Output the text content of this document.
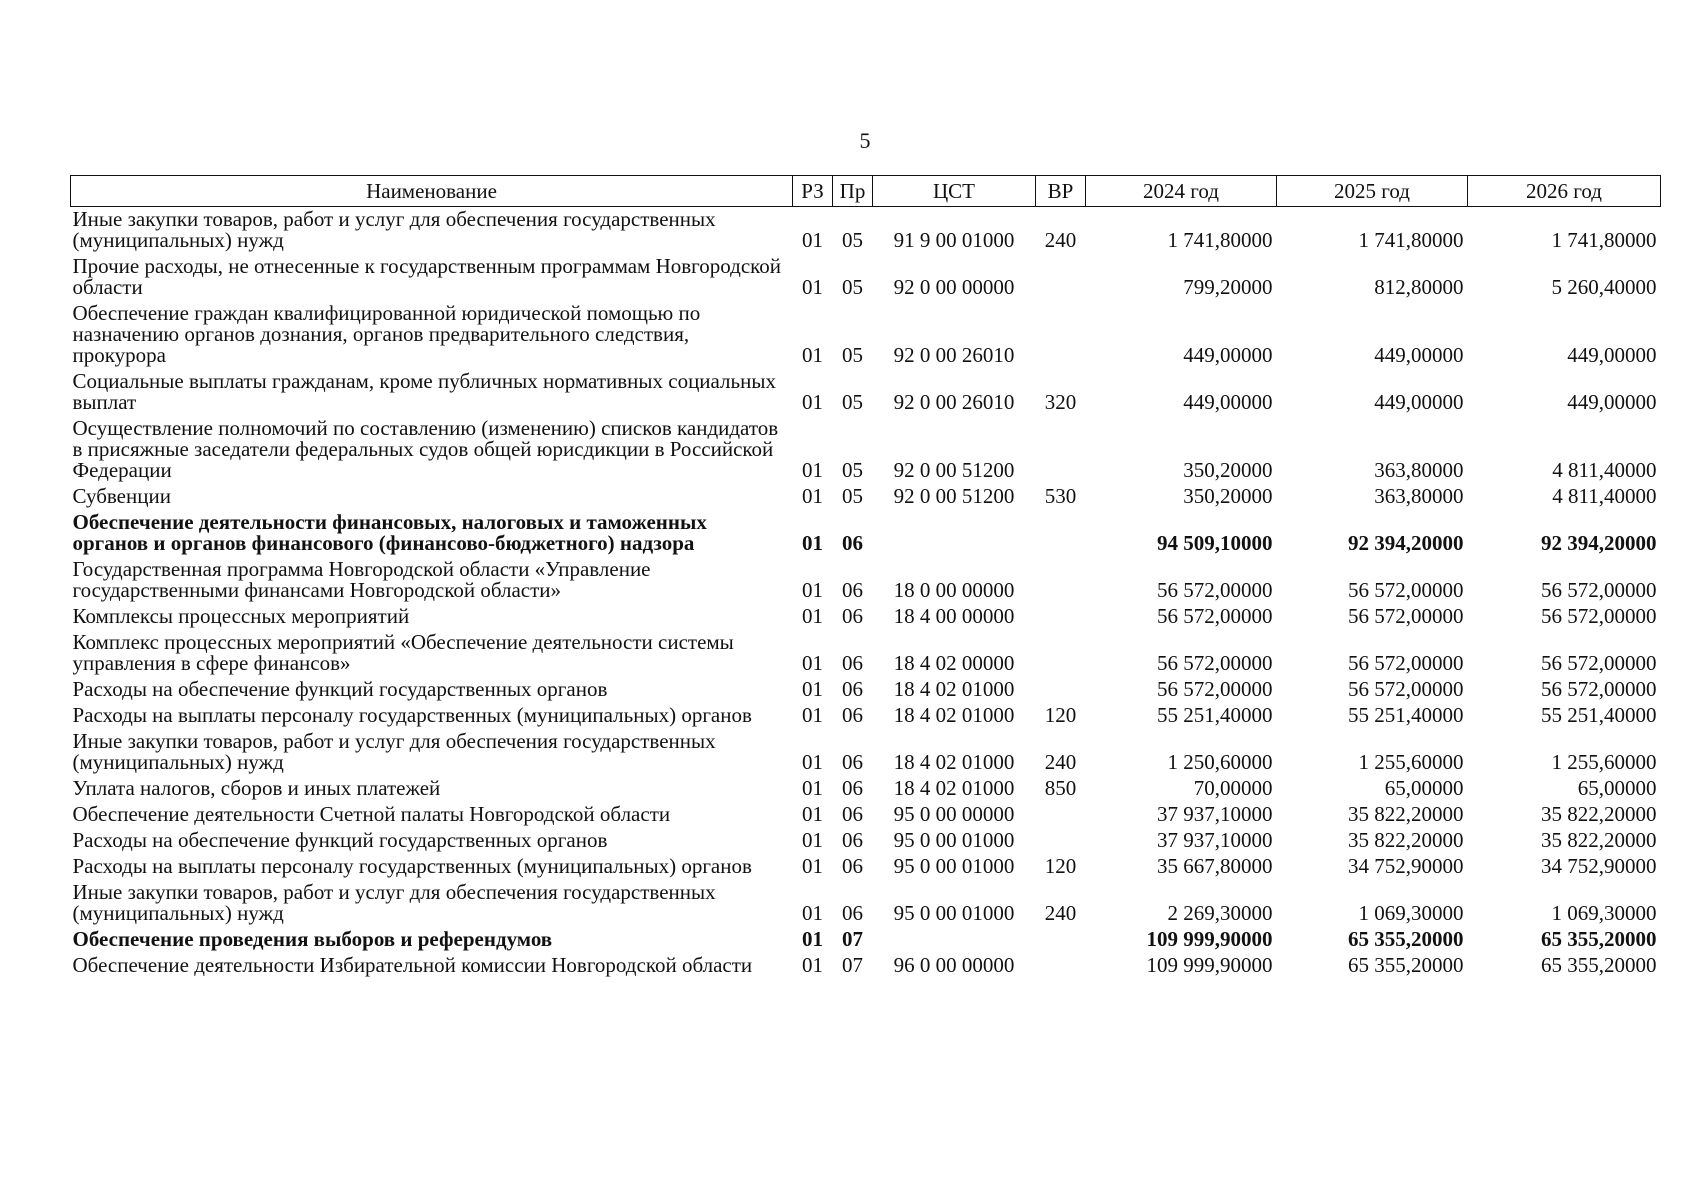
5
Наименование	РЗ	Пр	ЦСТ	ВР	2024 год	2025 год	2026 год
Иные закупки товаров, работ и услуг для обеспечения государственных (муниципальных) нужд	01	05	91 9 00 01000	240	1 741,80000	1 741,80000	1 741,80000
Прочие расходы, не отнесенные к государственным программам Новгородской области	01	05	92 0 00 00000		799,20000	812,80000	5 260,40000
Обеспечение граждан квалифицированной юридической помощью по назначению органов дознания, органов предварительного следствия, прокурора	01	05	92 0 00 26010		449,00000	449,00000	449,00000
Социальные выплаты гражданам, кроме публичных нормативных социальных выплат	01	05	92 0 00 26010	320	449,00000	449,00000	449,00000
Осуществление полномочий по составлению (изменению) списков кандидатов в присяжные заседатели федеральных судов общей юрисдикции в Российской Федерации	01	05	92 0 00 51200		350,20000	363,80000	4 811,40000
Субвенции	01	05	92 0 00 51200	530	350,20000	363,80000	4 811,40000
Обеспечение деятельности финансовых, налоговых и таможенных органов и органов финансового (финансово-бюджетного) надзора	01	06			94 509,10000	92 394,20000	92 394,20000
Государственная программа Новгородской области «Управление государственными финансами Новгородской области»	01	06	18 0 00 00000		56 572,00000	56 572,00000	56 572,00000
Комплексы процессных мероприятий	01	06	18 4 00 00000		56 572,00000	56 572,00000	56 572,00000
Комплекс процессных мероприятий «Обеспечение деятельности системы управления в сфере финансов»	01	06	18 4 02 00000		56 572,00000	56 572,00000	56 572,00000
Расходы на обеспечение функций государственных органов	01	06	18 4 02 01000		56 572,00000	56 572,00000	56 572,00000
Расходы на выплаты персоналу государственных (муниципальных) органов	01	06	18 4 02 01000	120	55 251,40000	55 251,40000	55 251,40000
Иные закупки товаров, работ и услуг для обеспечения государственных (муниципальных) нужд	01	06	18 4 02 01000	240	1 250,60000	1 255,60000	1 255,60000
Уплата налогов, сборов и иных платежей	01	06	18 4 02 01000	850	70,00000	65,00000	65,00000
Обеспечение деятельности Счетной палаты Новгородской области	01	06	95 0 00 00000		37 937,10000	35 822,20000	35 822,20000
Расходы на обеспечение функций государственных органов	01	06	95 0 00 01000		37 937,10000	35 822,20000	35 822,20000
Расходы на выплаты персоналу государственных (муниципальных) органов	01	06	95 0 00 01000	120	35 667,80000	34 752,90000	34 752,90000
Иные закупки товаров, работ и услуг для обеспечения государственных (муниципальных) нужд	01	06	95 0 00 01000	240	2 269,30000	1 069,30000	1 069,30000
Обеспечение проведения выборов и референдумов	01	07			109 999,90000	65 355,20000	65 355,20000
Обеспечение деятельности Избирательной комиссии Новгородской области	01	07	96 0 00 00000		109 999,90000	65 355,20000	65 355,20000
